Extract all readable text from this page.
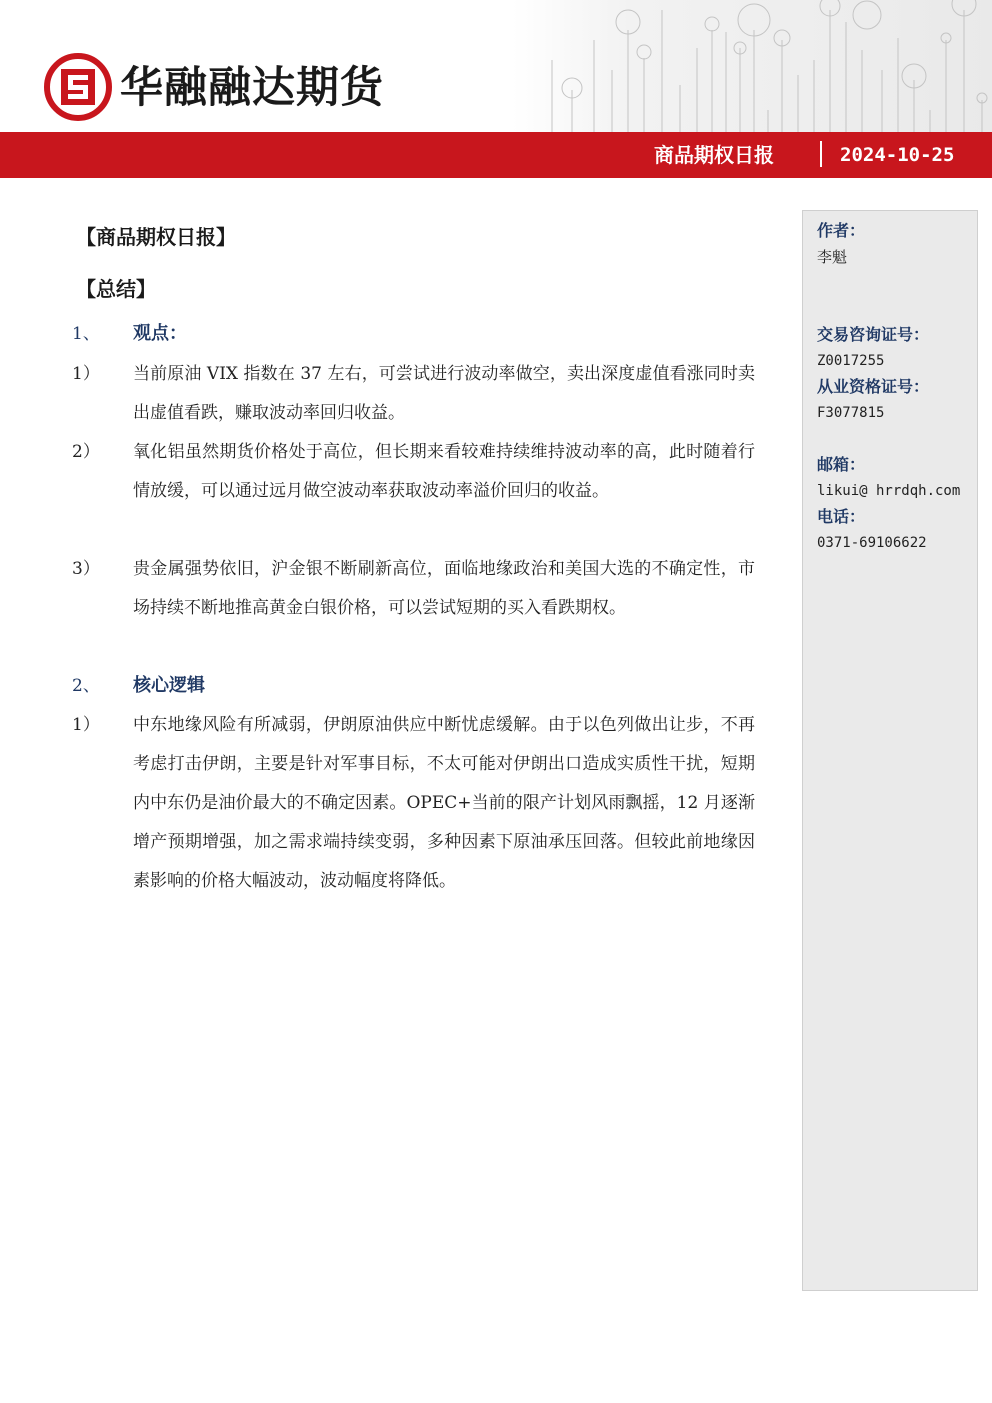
华融融达期货
商品期权日报	2024-10-25
【商品期权日报】
【总结】
1、 观点：
1） 当前原油 VIX 指数在 37 左右，可尝试进行波动率做空，卖出深度虚值看涨同时卖出虚值看跌，赚取波动率回归收益。

2） 氧化铝虽然期货价格处于高位，但长期来看较难持续维持波动率的高，此时随着行情放缓，可以通过远月做空波动率获取波动率溢价回归的收益。

3） 贵金属强势依旧，沪金银不断刷新高位，面临地缘政治和美国大选的不确定性，市场持续不断地推高黄金白银价格，可以尝试短期的买入看跌期权。

2、 核心逻辑
1） 中东地缘风险有所减弱，伊朗原油供应中断忧虑缓解。由于以色列做出让步，不再考虑打击伊朗，主要是针对军事目标，不太可能对伊朗出口造成实质性干扰，短期内中东仍是油价最大的不确定因素。OPEC+当前的限产计划风雨飘摇，12 月逐渐增产预期增强，加之需求端持续变弱，多种因素下原油承压回落。但较此前地缘因素影响的价格大幅波动，波动幅度将降低。

作者：
李魁
交易咨询证号：
Z0017255
从业资格证号：
F3077815
邮箱：
likui@ hrrdqh.com
电话：
0371-69106622
